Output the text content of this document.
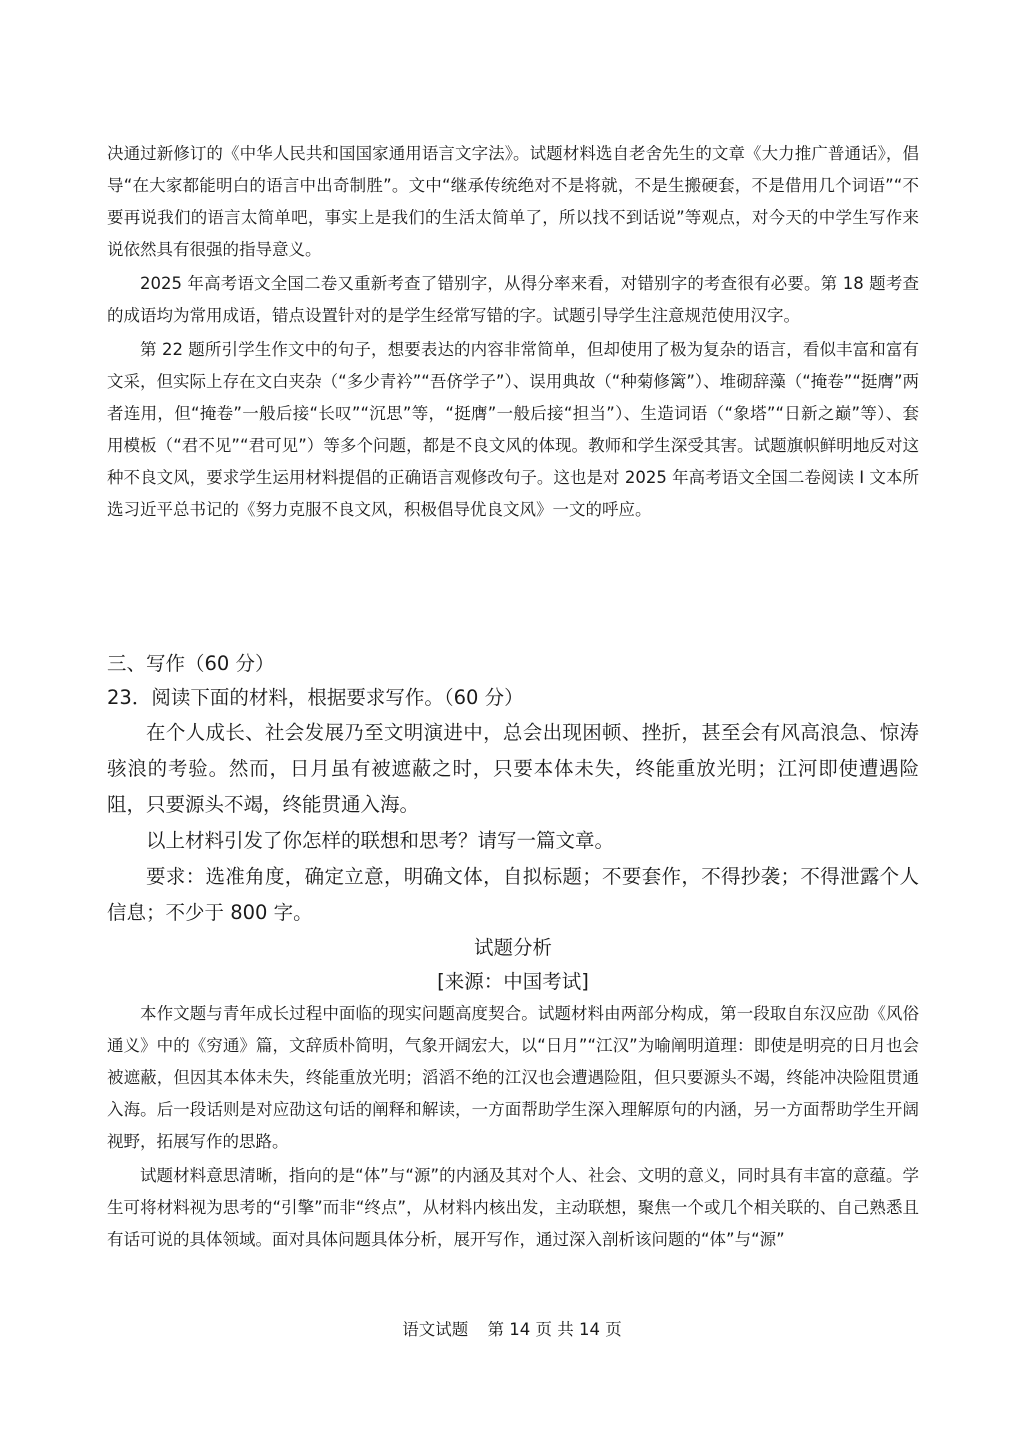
决通过新修订的《中华人民共和国国家通用语言文字法》。试题材料选自老舍先生的文章《大力推广普通话》，倡导“在大家都能明白的语言中出奇制胜”。文中“继承传统绝对不是将就，不是生搬硬套，不是借用几个词语”“不要再说我们的语言太简单吧，事实上是我们的生活太简单了，所以找不到话说”等观点，对今天的中学生写作来说依然具有很强的指导意义。

2025 年高考语文全国二卷又重新考查了错别字，从得分率来看，对错别字的考查很有必要。第 18 题考查的成语均为常用成语，错点设置针对的是学生经常写错的字。试题引导学生注意规范使用汉字。

第 22 题所引学生作文中的句子，想要表达的内容非常简单，但却使用了极为复杂的语言，看似丰富和富有文采，但实际上存在文白夹杂（“多少青衿”“吾侪学子”）、误用典故（“种菊修篱”）、堆砌辞藻（“掩卷”“挺膺”两者连用，但“掩卷”一般后接“长叹”“沉思”等，“挺膺”一般后接“担当”）、生造词语（“象塔”“日新之巅”等）、套用模板（“君不见”“君可见”）等多个问题，都是不良文风的体现。教师和学生深受其害。试题旗帜鲜明地反对这种不良文风，要求学生运用材料提倡的正确语言观修改句子。这也是对 2025 年高考语文全国二卷阅读 I 文本所选习近平总书记的《努力克服不良文风，积极倡导优良文风》一文的呼应。

三、写作（60 分）

23．阅读下面的材料，根据要求写作。（60 分）

在个人成长、社会发展乃至文明演进中，总会出现困顿、挫折，甚至会有风高浪急、惊涛骇浪的考验。然而，日月虽有被遮蔽之时，只要本体未失，终能重放光明；江河即使遭遇险阻，只要源头不竭，终能贯通入海。

以上材料引发了你怎样的联想和思考？请写一篇文章。

要求：选准角度，确定立意，明确文体，自拟标题；不要套作，不得抄袭；不得泄露个人信息；不少于 800 字。

试题分析

[来源：中国考试]

本作文题与青年成长过程中面临的现实问题高度契合。试题材料由两部分构成，第一段取自东汉应劭《风俗通义》中的《穷通》篇，文辞质朴简明，气象开阔宏大，以“日月”“江汉”为喻阐明道理：即使是明亮的日月也会被遮蔽，但因其本体未失，终能重放光明；滔滔不绝的江汉也会遭遇险阻，但只要源头不竭，终能冲决险阻贯通入海。后一段话则是对应劭这句话的阐释和解读，一方面帮助学生深入理解原句的内涵，另一方面帮助学生开阔视野，拓展写作的思路。

试题材料意思清晰，指向的是“体”与“源”的内涵及其对个人、社会、文明的意义，同时具有丰富的意蕴。学生可将材料视为思考的“引擎”而非“终点”，从材料内核出发，主动联想，聚焦一个或几个相关联的、自己熟悉且有话可说的具体领域。面对具体问题具体分析，展开写作，通过深入剖析该问题的“体”与“源”

语文试题 第 14 页 共 14 页
